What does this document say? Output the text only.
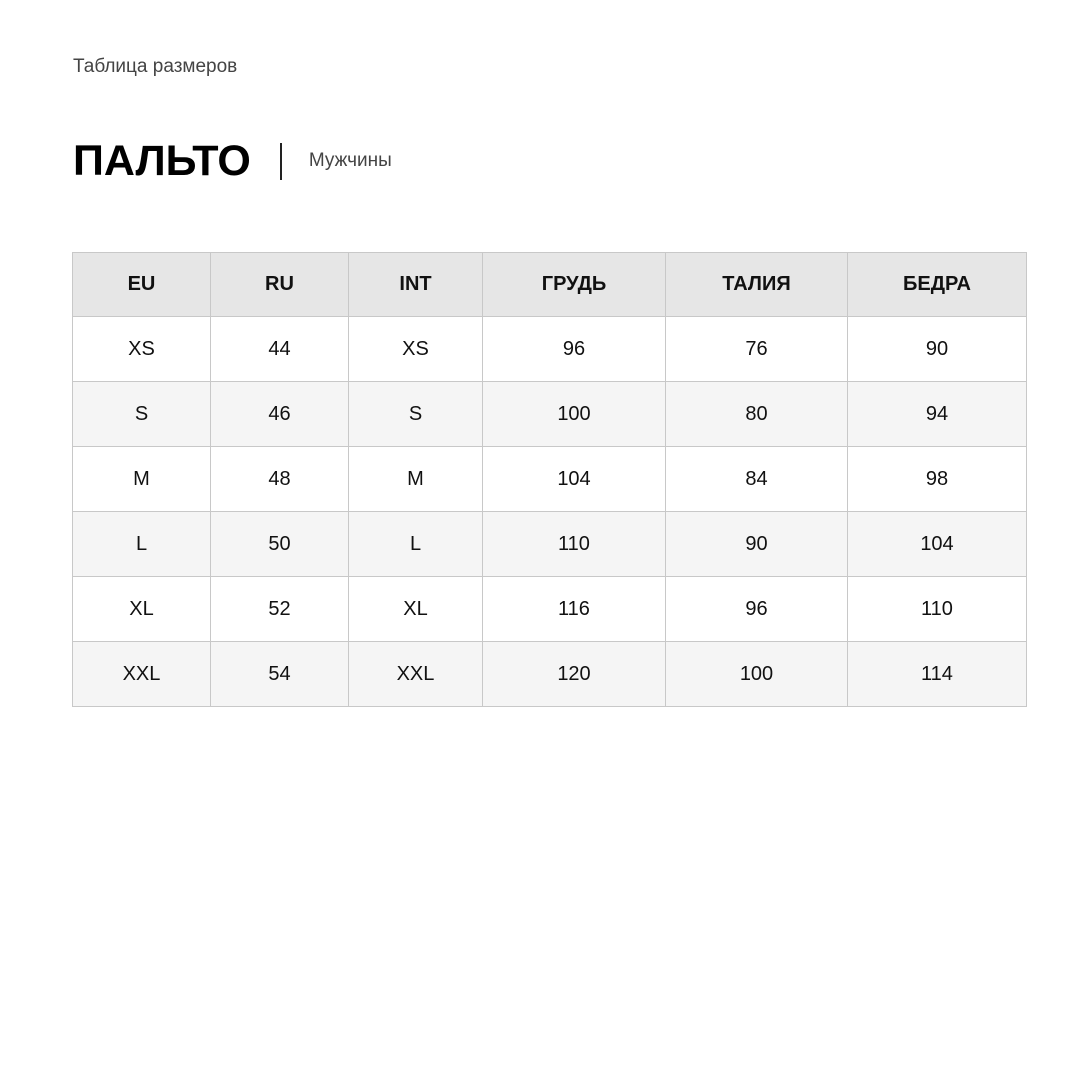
Таблица размеров
ПАЛЬТО	Мужчины
EU	RU	INT	ГРУДЬ	ТАЛИЯ	БЕДРА
XS	44	XS	96	76	90
S	46	S	100	80	94
M	48	M	104	84	98
L	50	L	110	90	104
XL	52	XL	116	96	110
XXL	54	XXL	120	100	114
